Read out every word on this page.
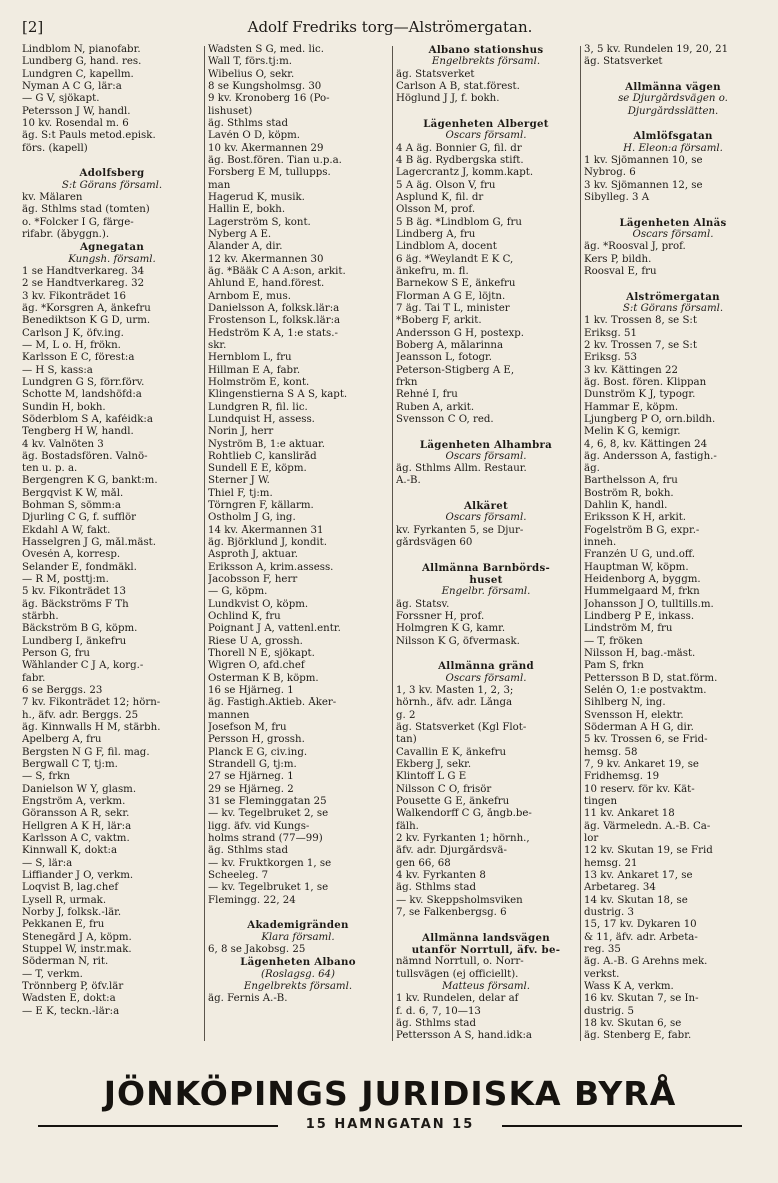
[2]	Adolf Fredriks torg—Alströmergatan.
Lindblom N, pianofabr.
Lundberg G, hand. res.
Lundgren C, kapellm.
Nyman A C G, lär:a
— G V, sjökapt.
Petersson J W, handl.
10 kv. Rosendal m. 6
äg. S:t Pauls metod.episk.
förs. (kapell)

Adolfsberg
S:t Görans församl.
kv. Mälaren
äg. Sthlms stad (tomten)
o. *Folcker I G, färge-
rifabr. (åbyggn.).
Agnegatan
Kungsh. församl.
1 se Handtverkareg. 34
2 se Handtverkareg. 32
3 kv. Fikonträdet 16
äg. *Korsgren A, änkefru
Benediktson K G D, urm.
Carlson J K, öfv.ing.
— M, L o. H, frökn.
Karlsson E C, förest:a
— H S, kass:a
Lundgren G S, förr.förv.
Schotte M, landshöfd:a
Sundin H, bokh.
Söderblom S A, kaféidk:a
Tengberg H W, handl.
4 kv. Valnöten 3
äg. Bostadsfören. Valnö-
ten u. p. a.
Bergengren K G, bankt:m.
Bergqvist K W, mål.
Bohman S, sömm:a
Djurling C G, f. sufflör
Ekdahl A W, fakt.
Hasselgren J G, mål.mäst.
Ovesén A, korresp.
Selander E, fondmäkl.
— R M, posttj:m.
5 kv. Fikonträdet 13
äg. Bäckströms F Th
stärbh.
Bäckström B G, köpm.
Lundberg I, änkefru
Person G, fru
Wåhlander C J A, korg.-
fabr.
6 se Berggs. 23
7 kv. Fikonträdet 12; hörn-
h., äfv. adr. Berggs. 25
äg. Kinnwalls H M, stärbh.
Apelberg A, fru
Bergsten N G F, fil. mag.
Bergwall C T, tj:m.
— S, frkn
Danielson W Y, glasm.
Engström A, verkm.
Göransson A R, sekr.
Hellgren A K H, lär:a
Karlsson A C, vaktm.
Kinnwall K, dokt:a
— S, lär:a
Liffiander J O, verkm.
Loqvist B, lag.chef
Lysell R, urmak.
Norby J, folksk.-lär.
Pekkanen E, fru
Stenegård J A, köpm.
Stuppel W, instr.mak.
Söderman N, rit.
— T, verkm.
Trönnberg P, öfv.lär
Wadsten E, dokt:a
— E K, teckn.-lär:a
Wadsten S G, med. lic.
Wall T, förs.tj:m.
Wibelius O, sekr.
8 se Kungsholmsg. 30
9 kv. Kronoberg 16 (Po-
lishuset)
äg. Sthlms stad
Lavén O D, köpm.
10 kv. Åkermannen 29
äg. Bost.fören. Tian u.p.a.
Forsberg E M, tullupps.
man
Hagerud K, musik.
Hallin E, bokh.
Lagerström S, kont.
Nyberg A E.
Ålander A, dir.
12 kv. Åkermannen 30
äg. *Bääk C A A:son, arkit.
Ahlund E, hand.förest.
Arnbom E, mus.
Danielsson A, folksk.lär:a
Frostenson L, folksk.lär:a
Hedström K A, 1:e stats.-
skr.
Hernblom L, fru
Hillman E A, fabr.
Holmström E, kont.
Klingenstierna S A S, kapt.
Lundgren R, fil. lic.
Lundquist H, assess.
Norin J, herr
Nyström B, 1:e aktuar.
Rohtlieb C, kansliråd
Sundell E E, köpm.
Sterner J W.
Thiel F, tj:m.
Törngren F, källarm.
Östholm J G, ing.
14 kv. Åkermannen 31
äg. Björklund J, kondit.
Asproth J, aktuar.
Eriksson A, krim.assess.
Jacobsson F, herr
— G, köpm.
Lundkvist O, köpm.
Ochlind K, fru
Poignant J A, vattenl.entr.
Riese U A, grossh.
Thorell N E, sjökapt.
Wigren O, afd.chef
Österman K B, köpm.
16 se Hjärneg. 1
äg. Fastigh.Aktieb. Åker-
mannen
Josefson M, fru
Persson H, grossh.
Planck E G, civ.ing.
Strandell G, tj:m.
27 se Hjärneg. 1
29 se Hjärneg. 2
31 se Fleminggatan 25
— kv. Tegelbruket 2, se
ligg. äfv. vid Kungs-
holms strand (77—99)
äg. Sthlms stad
— kv. Fruktkorgen 1, se
Scheeleg. 7
— kv. Tegelbruket 1, se
Flemingg. 22, 24

Akademigränden
Klara församl.
6, 8 se Jakobsg. 25
Lägenheten Albano
(Roslagsg. 64)
Engelbrekts församl.
äg. Fernis A.-B.
Albano stationshus
Engelbrekts församl.
äg. Statsverket
Carlson A B, stat.förest.
Höglund J J, f. bokh.

Lägenheten Alberget
Oscars församl.
4 A äg. Bonnier G, fil. dr
4 B äg. Rydbergska stift.
Lagercrantz J, komm.kapt.
5 A äg. Olson V, fru
Asplund K, fil. dr
Olsson M, prof.
5 B äg. *Lindblom G, fru
Lindberg A, fru
Lindblom A, docent
6 äg. *Weylandt E K C,
änkefru, m. fl.
Barnekow S E, änkefru
Florman A G E, löjtn.
7 äg. Tai T L, minister
*Boberg F, arkit.
Andersson G H, postexp.
Boberg A, målarinna
Jeansson L, fotogr.
Peterson-Stigberg A E,
frkn
Rehné I, fru
Ruben A, arkit.
Svensson C O, red.

Lägenheten Alhambra
Oscars församl.
äg. Sthlms Allm. Restaur.
A.-B.

Alkäret
Oscars församl.
kv. Fyrkanten 5, se Djur-
gårdsvägen 60

Allmänna Barnbörds-
huset
Engelbr. församl.
äg. Statsv.
Forssner H, prof.
Holmgren K G, kamr.
Nilsson K G, öfvermask.

Allmänna gränd
Oscars församl.
1, 3 kv. Masten 1, 2, 3;
hörnh., äfv. adr. Långa
g. 2
äg. Statsverket (Kgl Flot-
tan)
Cavallin E K, änkefru
Ekberg J, sekr.
Klintoff L G E
Nilsson C O, frisör
Pousette G E, änkefru
Walkendorff C G, ångb.be-
fälh.
2 kv. Fyrkanten 1; hörnh.,
äfv. adr. Djurgårdsvä-
gen 66, 68
4 kv. Fyrkanten 8
äg. Sthlms stad
— kv. Skeppsholmsviken
7, se Falkenbergsg. 6

Allmänna landsvägen
utanför Norrtull, äfv. be-
nämnd Norrtull, o. Norr-
tullsvägen (ej officiellt).
Matteus församl.
1 kv. Rundelen, delar af
f. d. 6, 7, 10—13
äg. Sthlms stad
Pettersson A S, hand.idk:a
3, 5 kv. Rundelen 19, 20, 21
äg. Statsverket

Allmänna vägen
se Djurgårdsvägen o.
Djurgårdsslätten.

Almlöfsgatan
H. Eleon:a församl.
1 kv. Sjömannen 10, se
Nybrog. 6
3 kv. Sjömannen 12, se
Sibylleg. 3 A

Lägenheten Alnäs
Oscars församl.
äg. *Roosval J, prof.
Kers P, bildh.
Roosval E, fru

Alströmergatan
S:t Görans församl.
1 kv. Trossen 8, se S:t
Eriksg. 51
2 kv. Trossen 7, se S:t
Eriksg. 53
3 kv. Kättingen 22
äg. Bost. fören. Klippan
Dunström K J, typogr.
Hammar E, köpm.
Ljungberg P O, orn.bildh.
Melin K G, kemigr.
4, 6, 8, kv. Kättingen 24
äg. Andersson A, fastigh.-
äg.
Barthelsson A, fru
Boström R, bokh.
Dahlin K, handl.
Eriksson K H, arkit.
Fogelström B G, expr.-
inneh.
Franzén U G, und.off.
Hauptman W, köpm.
Heidenborg A, byggm.
Hummelgaard M, frkn
Johansson J O, tulltills.m.
Lindberg P E, inkass.
Lindström M, fru
— T, fröken
Nilsson H, bag.-mäst.
Pam S, frkn
Pettersson B D, stat.förm.
Selén O, 1:e postvaktm.
Sihlberg N, ing.
Svensson H, elektr.
Söderman A H G, dir.
5 kv. Trossen 6, se Frid-
hemsg. 58
7, 9 kv. Ankaret 19, se
Fridhemsg. 19
10 reserv. för kv. Kät-
tingen
11 kv. Ankaret 18
äg. Värmeledn. A.-B. Ca-
lor
12 kv. Skutan 19, se Frid
hemsg. 21
13 kv. Ankaret 17, se
Arbetareg. 34
14 kv. Skutan 18, se
dustrig. 3
15, 17 kv. Dykaren 10
& 11, äfv. adr. Arbeta-
reg. 35
äg. A.-B. G Arehns mek.
verkst.
Wass K A, verkm.
16 kv. Skutan 7, se In-
dustrig. 5
18 kv. Skutan 6, se
äg. Stenberg E, fabr.
JÖNKÖPINGS JURIDISKA BYRÅ
15 HAMNGATAN 15
